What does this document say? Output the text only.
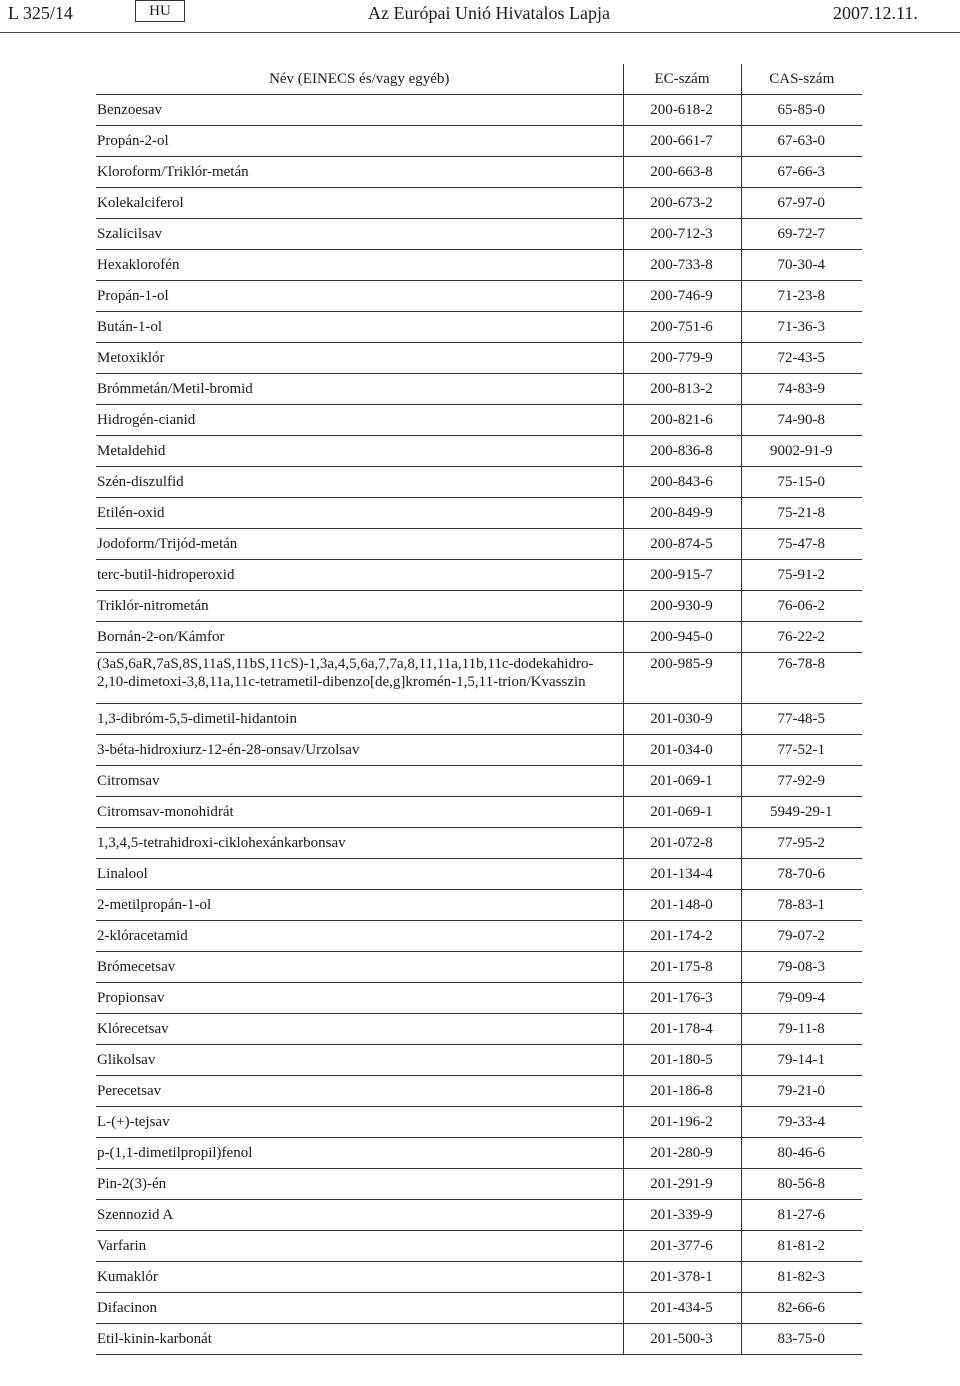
L 325/14	HU	Az Európai Unió Hivatalos Lapja	2007.12.11.
Név (EINECS és/vagy egyéb)	EC-szám	CAS-szám
Benzoesav	200-618-2	65-85-0
Propán-2-ol	200-661-7	67-63-0
Kloroform/Triklór-metán	200-663-8	67-66-3
Kolekalciferol	200-673-2	67-97-0
Szalicilsav	200-712-3	69-72-7
Hexaklorofén	200-733-8	70-30-4
Propán-1-ol	200-746-9	71-23-8
Bután-1-ol	200-751-6	71-36-3
Metoxiklór	200-779-9	72-43-5
Brómmetán/Metil-bromid	200-813-2	74-83-9
Hidrogén-cianid	200-821-6	74-90-8
Metaldehid	200-836-8	9002-91-9
Szén-diszulfid	200-843-6	75-15-0
Etilén-oxid	200-849-9	75-21-8
Jodoform/Trijód-metán	200-874-5	75-47-8
terc-butil-hidroperoxid	200-915-7	75-91-2
Triklór-nitrometán	200-930-9	76-06-2
Bornán-2-on/Kámfor	200-945-0	76-22-2
(3aS,6aR,7aS,8S,11aS,11bS,11cS)-1,3a,4,5,6a,7,7a,8,11,11a,11b,11c-dodekahidro-2,10-dimetoxi-3,8,11a,11c-tetrametil-dibenzo[de,g]kromén-1,5,11-trion/Kvasszin	200-985-9	76-78-8
1,3-dibróm-5,5-dimetil-hidantoin	201-030-9	77-48-5
3-béta-hidroxiurz-12-én-28-onsav/Urzolsav	201-034-0	77-52-1
Citromsav	201-069-1	77-92-9
Citromsav-monohidrát	201-069-1	5949-29-1
1,3,4,5-tetrahidroxi-ciklohexánkarbonsav	201-072-8	77-95-2
Linalool	201-134-4	78-70-6
2-metilpropán-1-ol	201-148-0	78-83-1
2-klóracetamid	201-174-2	79-07-2
Brómecetsav	201-175-8	79-08-3
Propionsav	201-176-3	79-09-4
Klórecetsav	201-178-4	79-11-8
Glikolsav	201-180-5	79-14-1
Perecetsav	201-186-8	79-21-0
L-(+)-tejsav	201-196-2	79-33-4
p-(1,1-dimetilpropil)fenol	201-280-9	80-46-6
Pin-2(3)-én	201-291-9	80-56-8
Szennozid A	201-339-9	81-27-6
Varfarin	201-377-6	81-81-2
Kumaklór	201-378-1	81-82-3
Difacinon	201-434-5	82-66-6
Etil-kinin-karbonát	201-500-3	83-75-0
